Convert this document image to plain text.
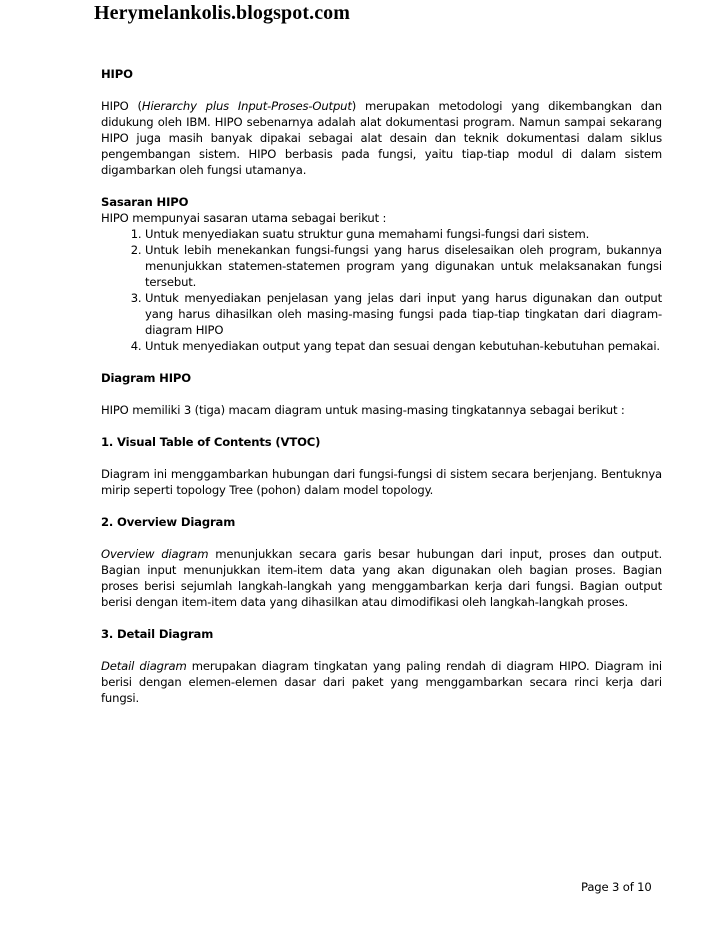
Herymelankolis.blogspot.com

HIPO

HIPO (Hierarchy plus Input-Proses-Output) merupakan metodologi yang dikembangkan dan didukung oleh IBM. HIPO sebenarnya adalah alat dokumentasi program. Namun sampai sekarang HIPO juga masih banyak dipakai sebagai alat desain dan teknik dokumentasi dalam siklus pengembangan sistem. HIPO berbasis pada fungsi, yaitu tiap-tiap modul di dalam sistem digambarkan oleh fungsi utamanya.

Sasaran HIPO

HIPO mempunyai sasaran utama sebagai berikut :

1. Untuk menyediakan suatu struktur guna memahami fungsi-fungsi dari sistem.
2. Untuk lebih menekankan fungsi-fungsi yang harus diselesaikan oleh program, bukannya menunjukkan statemen-statemen program yang digunakan untuk melaksanakan fungsi tersebut.
3. Untuk menyediakan penjelasan yang jelas dari input yang harus digunakan dan output yang harus dihasilkan oleh masing-masing fungsi pada tiap-tiap tingkatan dari diagram-diagram HIPO
4. Untuk menyediakan output yang tepat dan sesuai dengan kebutuhan-kebutuhan pemakai.

Diagram HIPO

HIPO memiliki 3 (tiga) macam diagram untuk masing-masing tingkatannya sebagai berikut :

1. Visual Table of Contents (VTOC)

Diagram ini menggambarkan hubungan dari fungsi-fungsi di sistem secara berjenjang. Bentuknya mirip seperti topology Tree (pohon) dalam model topology.

2. Overview Diagram

Overview diagram menunjukkan secara garis besar hubungan dari input, proses dan output. Bagian input menunjukkan item-item data yang akan digunakan oleh bagian proses. Bagian proses berisi sejumlah langkah-langkah yang menggambarkan kerja dari fungsi. Bagian output berisi dengan item-item data yang dihasilkan atau dimodifikasi oleh langkah-langkah proses.

3. Detail Diagram

Detail diagram merupakan diagram tingkatan yang paling rendah di diagram HIPO. Diagram ini berisi dengan elemen-elemen dasar dari paket yang menggambarkan secara rinci kerja dari fungsi.

Page 3 of 10
